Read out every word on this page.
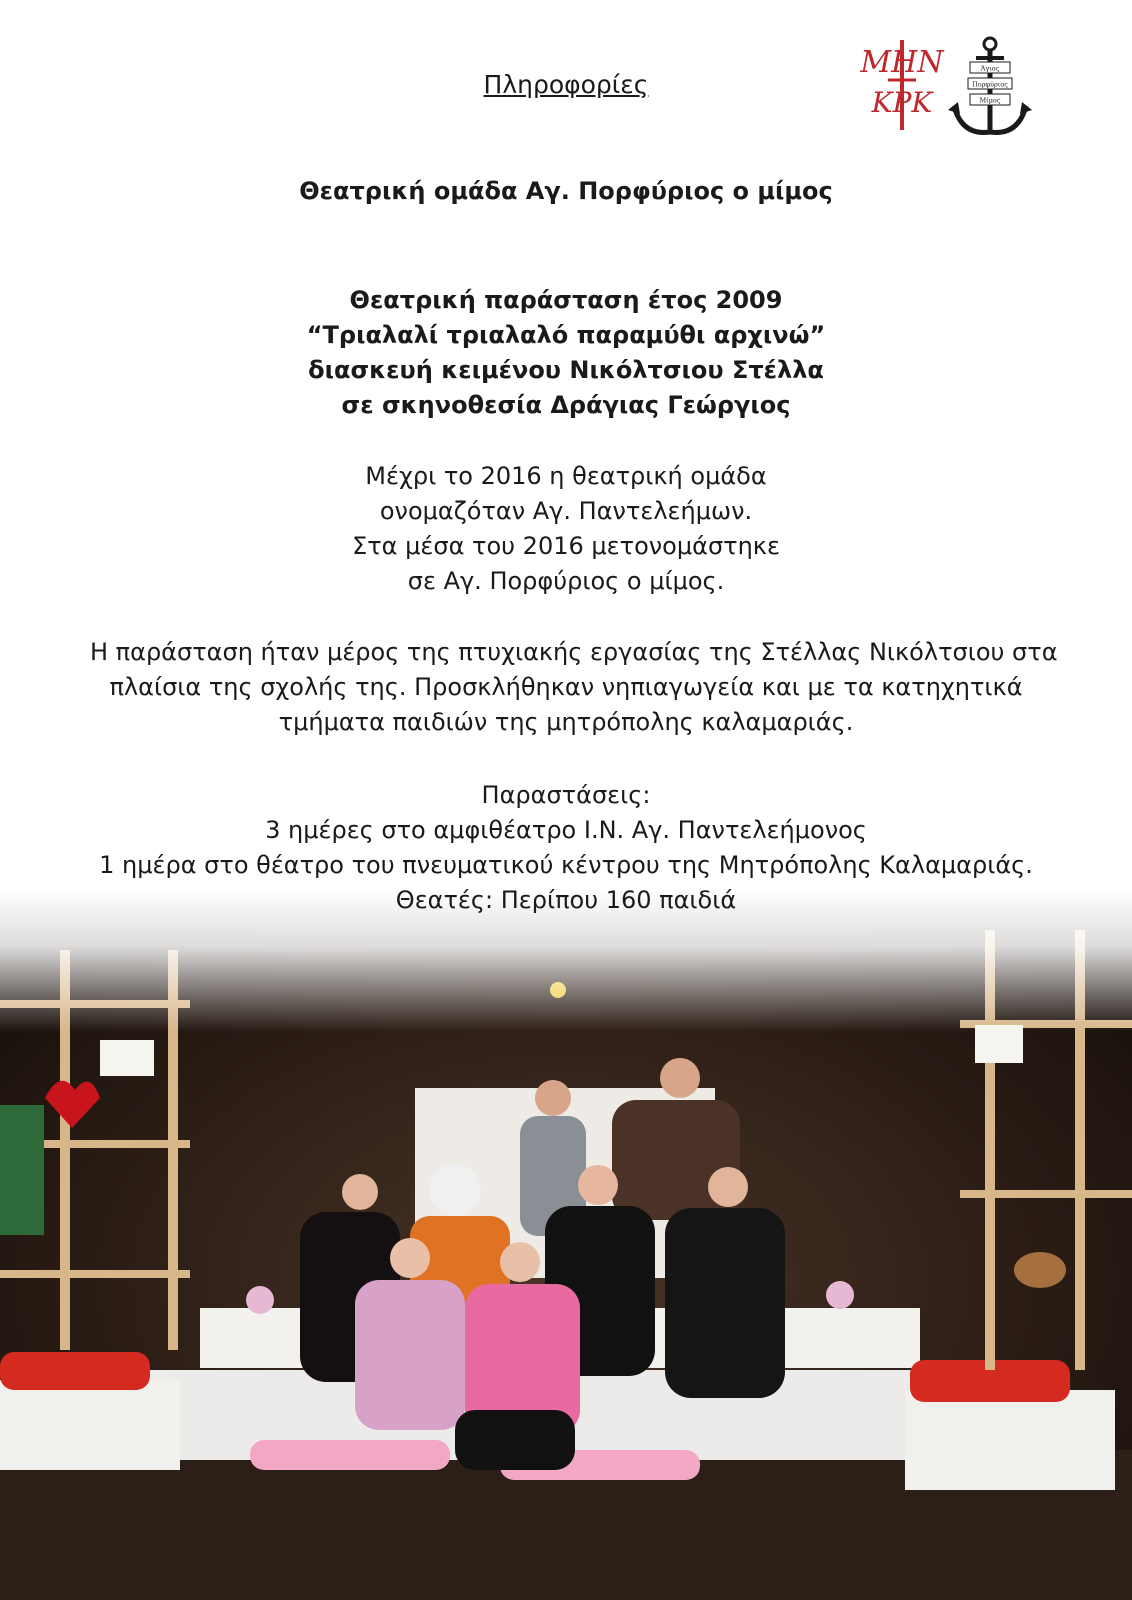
ΜΗΝ
ΚΡΚ
Άγιος
Πορφύριος
Μίμος
Πληροφορίες
Θεατρική ομάδα Αγ. Πορφύριος ο μίμος
Θεατρική παράσταση έτος 2009
“Τριαλαλί τριαλαλό παραμύθι αρχινώ”
διασκευή κειμένου Νικόλτσιου Στέλλα
σε σκηνοθεσία Δράγιας Γεώργιος
Μέχρι το 2016 η θεατρική ομάδα
ονομαζόταν Αγ. Παντελεήμων.
Στα μέσα του 2016 μετονομάστηκε
σε Αγ. Πορφύριος ο μίμος.
Η παράσταση ήταν μέρος της πτυχιακής εργασίας της Στέλλας Νικόλτσιου στα
πλαίσια της σχολής της. Προσκλήθηκαν νηπιαγωγεία και με τα κατηχητικά
τμήματα παιδιών της μητρόπολης καλαμαριάς.
Παραστάσεις:
3 ημέρες στο αμφιθέατρο Ι.Ν. Αγ. Παντελεήμονος
1 ημέρα στο θέατρο του πνευματικού κέντρου της Μητρόπολης Καλαμαριάς.
Θεατές: Περίπου 160 παιδιά
